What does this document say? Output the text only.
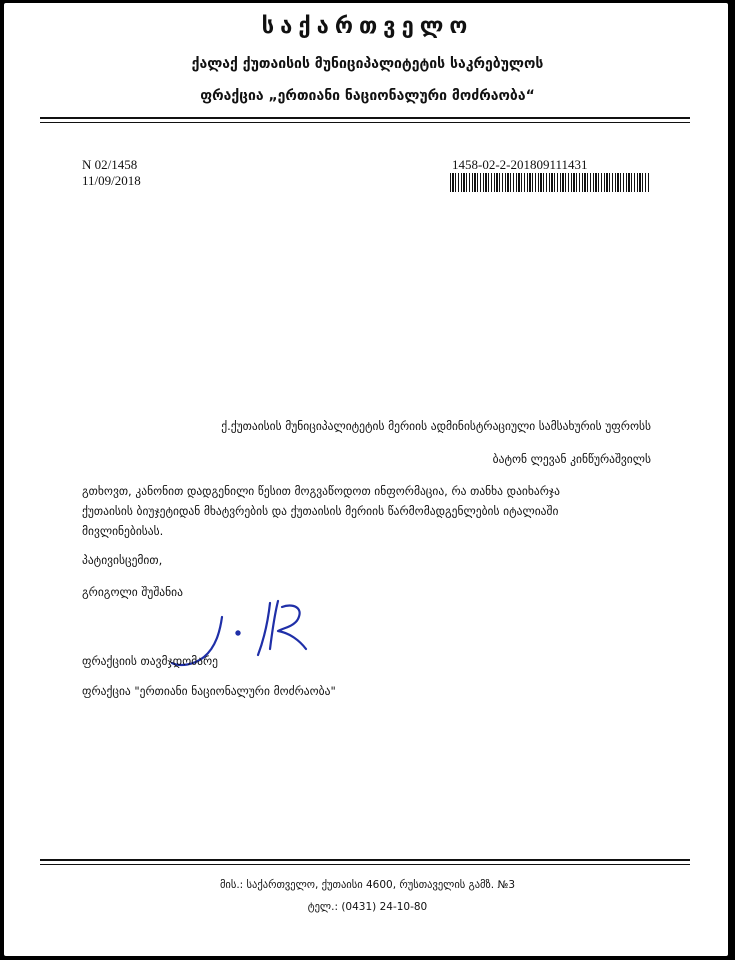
საქართველო
ქალაქ ქუთაისის მუნიციპალიტეტის საკრებულოს
ფრაქცია „ერთიანი ნაციონალური მოძრაობა“
N 02/1458
11/09/2018
1458-02-2-201809111431
ქ.ქუთაისის მუნიციპალიტეტის მერიის ადმინისტრაციული სამსახურის უფროსს
ბატონ ლევან კინწურაშვილს
გთხოვთ, კანონით დადგენილი წესით მოგვაწოდოთ ინფორმაცია, რა თანხა დაიხარჯა
ქუთაისის ბიუჯეტიდან მხატვრების და ქუთაისის მერიის წარმომადგენლების იტალიაში
მივლინებისას.
პატივისცემით,
გრიგოლი შუშანია
ფრაქციის თავმჯდომარე
ფრაქცია "ერთიანი ნაციონალური მოძრაობა"
მის.: საქართველო, ქუთაისი 4600, რუსთაველის გამზ. №3
ტელ.: (0431) 24-10-80
